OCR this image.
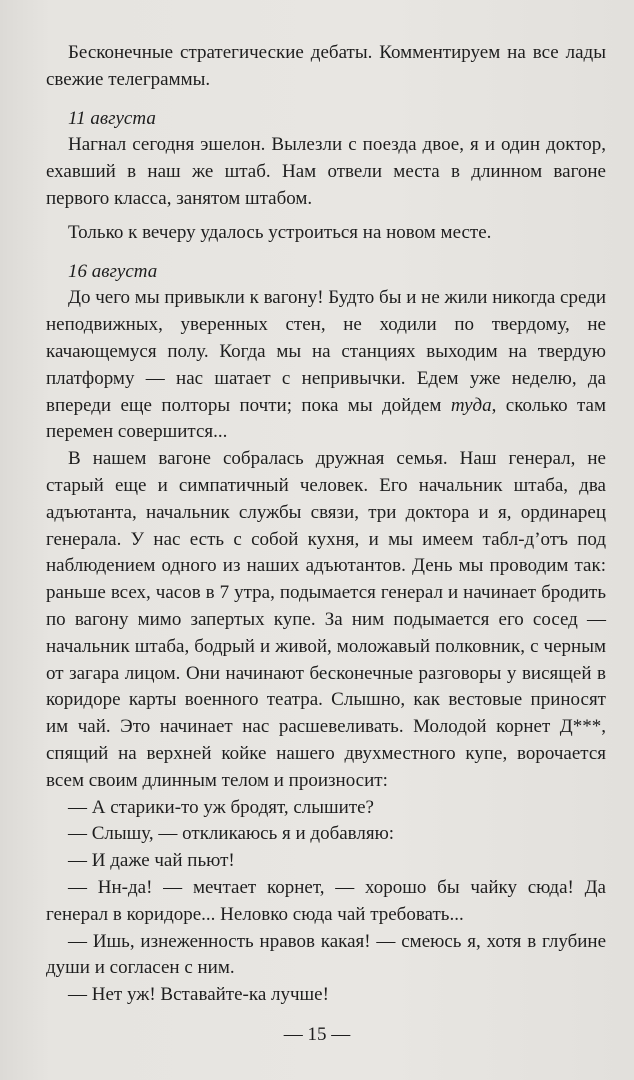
Бесконечные стратегические дебаты. Комментируем на все лады свежие телеграммы.

11 августа

Нагнал сегодня эшелон. Вылезли с поезда двое, я и один доктор, ехавший в наш же штаб. Нам отвели места в длинном вагоне первого класса, занятом штабом.

Только к вечеру удалось устроиться на новом месте.

16 августа

До чего мы привыкли к вагону! Будто бы и не жили никогда среди неподвижных, уверенных стен, не ходили по твердому, не качающемуся полу. Когда мы на станциях выходим на твердую платформу — нас шатает с непривычки. Едем уже неделю, да впереди еще полторы почти; пока мы дойдем туда, сколько там перемен совершится...

В нашем вагоне собралась дружная семья. Наш генерал, не старый еще и симпатичный человек. Его начальник штаба, два адъютанта, начальник службы связи, три доктора и я, ординарец генерала. У нас есть с собой кухня, и мы имеем табл-д’отъ под наблюдением одного из наших адъютантов. День мы проводим так: раньше всех, часов в 7 утра, подымается генерал и начинает бродить по вагону мимо запертых купе. За ним подымается его сосед — начальник штаба, бодрый и живой, моложавый полковник, с черным от загара лицом. Они начинают бесконечные разговоры у висящей в коридоре карты военного театра. Слышно, как вестовые приносят им чай. Это начинает нас расшевеливать. Молодой корнет Д***, спящий на верхней койке нашего двухместного купе, ворочается всем своим длинным телом и произносит:

— А старики-то уж бродят, слышите?

— Слышу, — откликаюсь я и добавляю:

— И даже чай пьют!

— Нн-да! — мечтает корнет, — хорошо бы чайку сюда! Да генерал в коридоре... Неловко сюда чай требовать...

— Ишь, изнеженность нравов какая! — смеюсь я, хотя в глубине души и согласен с ним.

— Нет уж! Вставайте-ка лучше!

— 15 —
